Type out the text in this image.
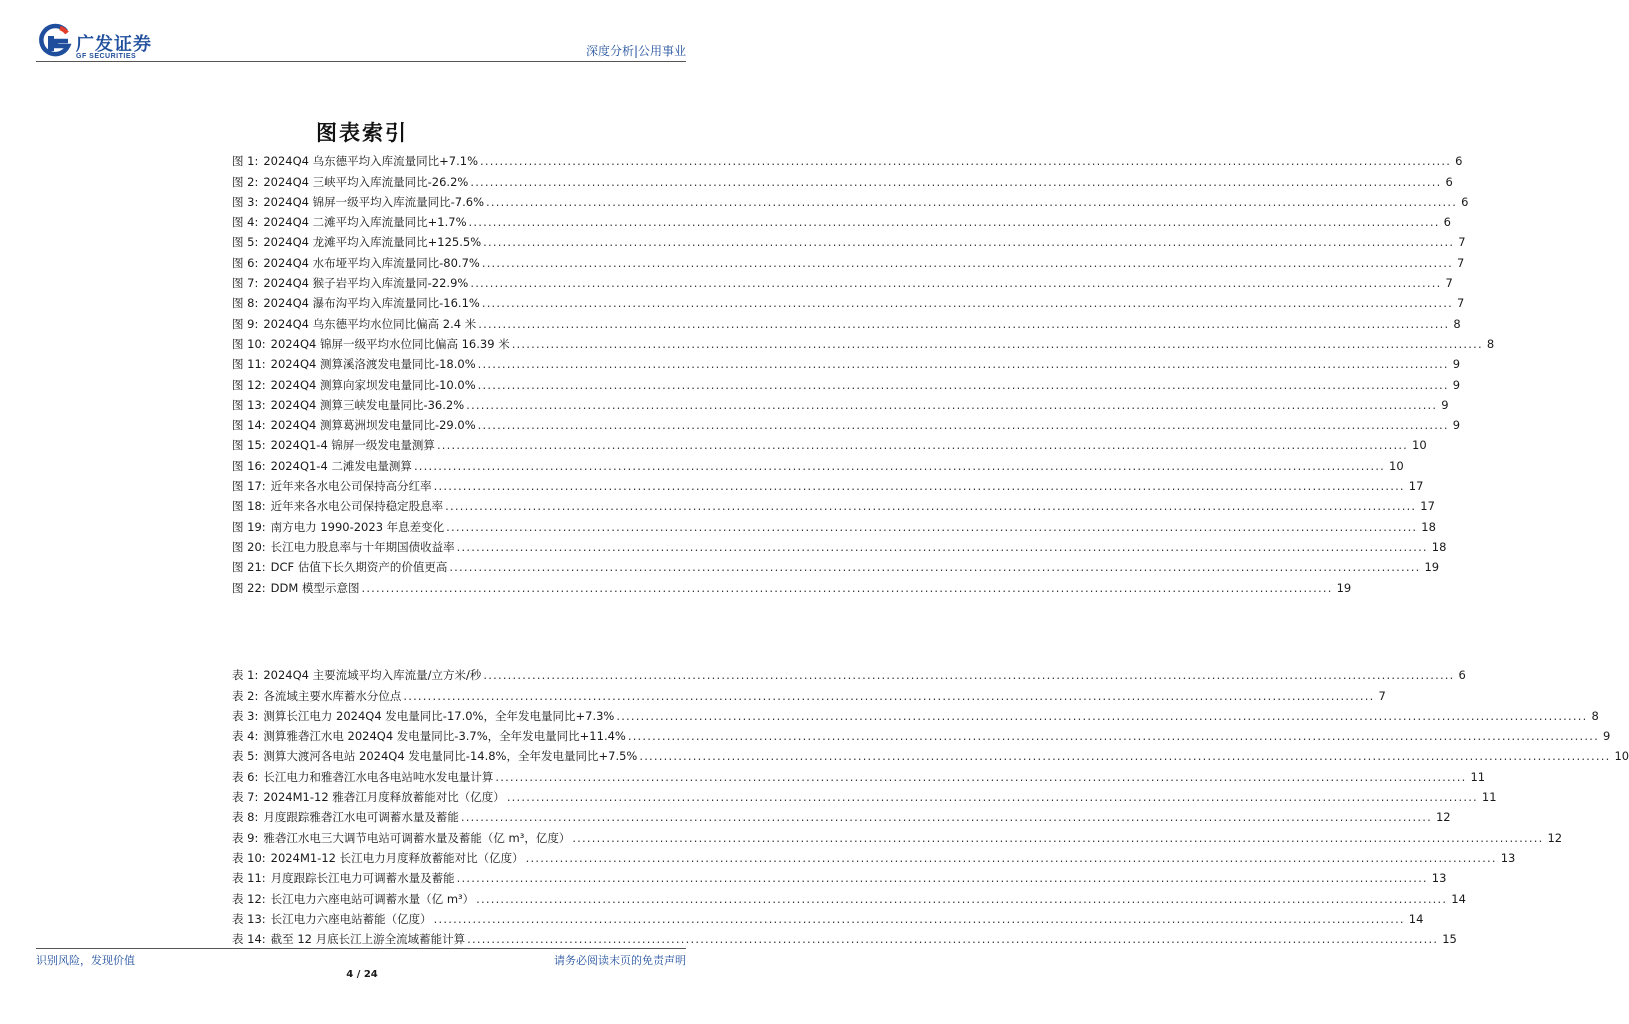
广发证券
GF SECURITIES	深度分析|公用事业
图表索引
图 1: 2024Q4 乌东德平均入库流量同比+7.1% ........................................................................................................................................................................................................ 6
图 2: 2024Q4 三峡平均入库流量同比-26.2% ........................................................................................................................................................................................................ 6
图 3: 2024Q4 锦屏一级平均入库流量同比-7.6% ........................................................................................................................................................................................................ 6
图 4: 2024Q4 二滩平均入库流量同比+1.7% ........................................................................................................................................................................................................ 6
图 5: 2024Q4 龙滩平均入库流量同比+125.5% ........................................................................................................................................................................................................ 7
图 6: 2024Q4 水布垭平均入库流量同比-80.7% ........................................................................................................................................................................................................ 7
图 7: 2024Q4 猴子岩平均入库流量同-22.9% ........................................................................................................................................................................................................ 7
图 8: 2024Q4 瀑布沟平均入库流量同比-16.1% ........................................................................................................................................................................................................ 7
图 9: 2024Q4 乌东德平均水位同比偏高 2.4 米 ........................................................................................................................................................................................................ 8
图 10: 2024Q4 锦屏一级平均水位同比偏高 16.39 米 ........................................................................................................................................................................................................ 8
图 11: 2024Q4 测算溪洛渡发电量同比-18.0% ........................................................................................................................................................................................................ 9
图 12: 2024Q4 测算向家坝发电量同比-10.0% ........................................................................................................................................................................................................ 9
图 13: 2024Q4 测算三峡发电量同比-36.2% ........................................................................................................................................................................................................ 9
图 14: 2024Q4 测算葛洲坝发电量同比-29.0% ........................................................................................................................................................................................................ 9
图 15: 2024Q1-4 锦屏一级发电量测算 ........................................................................................................................................................................................................ 10
图 16: 2024Q1-4 二滩发电量测算 ........................................................................................................................................................................................................ 10
图 17: 近年来各水电公司保持高分红率 ........................................................................................................................................................................................................ 17
图 18: 近年来各水电公司保持稳定股息率 ........................................................................................................................................................................................................ 17
图 19: 南方电力 1990-2023 年息差变化 ........................................................................................................................................................................................................ 18
图 20: 长江电力股息率与十年期国债收益率 ........................................................................................................................................................................................................ 18
图 21: DCF 估值下长久期资产的价值更高 ........................................................................................................................................................................................................ 19
图 22: DDM 模型示意图 ........................................................................................................................................................................................................ 19
表 1: 2024Q4 主要流域平均入库流量/立方米/秒 ........................................................................................................................................................................................................ 6
表 2: 各流域主要水库蓄水分位点 ........................................................................................................................................................................................................ 7
表 3: 测算长江电力 2024Q4 发电量同比-17.0%，全年发电量同比+7.3% ........................................................................................................................................................................................................ 8
表 4: 测算雅砻江水电 2024Q4 发电量同比-3.7%，全年发电量同比+11.4% ........................................................................................................................................................................................................ 9
表 5: 测算大渡河各电站 2024Q4 发电量同比-14.8%，全年发电量同比+7.5% ........................................................................................................................................................................................................ 10
表 6: 长江电力和雅砻江水电各电站吨水发电量计算 ........................................................................................................................................................................................................ 11
表 7: 2024M1-12 雅砻江月度释放蓄能对比（亿度） ........................................................................................................................................................................................................ 11
表 8: 月度跟踪雅砻江水电可调蓄水量及蓄能 ........................................................................................................................................................................................................ 12
表 9: 雅砻江水电三大调节电站可调蓄水量及蓄能（亿 m³，亿度） ........................................................................................................................................................................................................ 12
表 10: 2024M1-12 长江电力月度释放蓄能对比（亿度） ........................................................................................................................................................................................................ 13
表 11: 月度跟踪长江电力可调蓄水量及蓄能 ........................................................................................................................................................................................................ 13
表 12: 长江电力六座电站可调蓄水量（亿 m³） ........................................................................................................................................................................................................ 14
表 13: 长江电力六座电站蓄能（亿度） ........................................................................................................................................................................................................ 14
表 14: 截至 12 月底长江上游全流域蓄能计算 ........................................................................................................................................................................................................ 15
识别风险，发现价值	请务必阅读末页的免责声明
4 / 24
